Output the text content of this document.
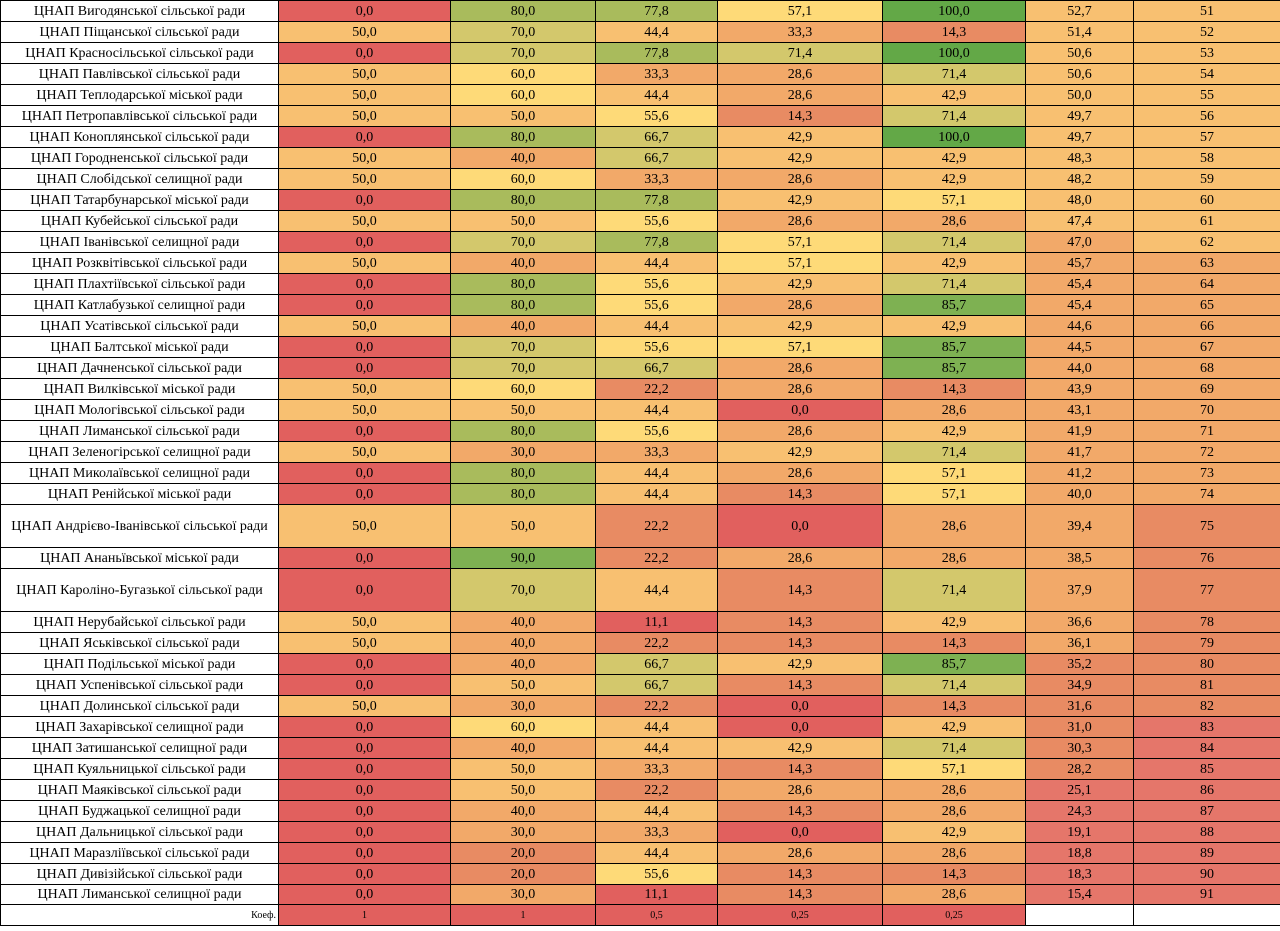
ЦНАП Вигодянської сільської ради	0,0	80,0	77,8	57,1	100,0	52,7	51
ЦНАП Піщанської сільської ради	50,0	70,0	44,4	33,3	14,3	51,4	52
ЦНАП Красносільської сільської ради	0,0	70,0	77,8	71,4	100,0	50,6	53
ЦНАП Павлівської сільської ради	50,0	60,0	33,3	28,6	71,4	50,6	54
ЦНАП Теплодарської міської ради	50,0	60,0	44,4	28,6	42,9	50,0	55
ЦНАП Петропавлівської сільської ради	50,0	50,0	55,6	14,3	71,4	49,7	56
ЦНАП Коноплянської сільської ради	0,0	80,0	66,7	42,9	100,0	49,7	57
ЦНАП Городненської сільської ради	50,0	40,0	66,7	42,9	42,9	48,3	58
ЦНАП Слобідської селищної ради	50,0	60,0	33,3	28,6	42,9	48,2	59
ЦНАП Татарбунарської міської ради	0,0	80,0	77,8	42,9	57,1	48,0	60
ЦНАП Кубейської сільської ради	50,0	50,0	55,6	28,6	28,6	47,4	61
ЦНАП Іванівської селищної ради	0,0	70,0	77,8	57,1	71,4	47,0	62
ЦНАП Розквітівської сільської ради	50,0	40,0	44,4	57,1	42,9	45,7	63
ЦНАП Плахтіївської сільської ради	0,0	80,0	55,6	42,9	71,4	45,4	64
ЦНАП Катлабузької селищної ради	0,0	80,0	55,6	28,6	85,7	45,4	65
ЦНАП Усатівської сільської ради	50,0	40,0	44,4	42,9	42,9	44,6	66
ЦНАП Балтської міської ради	0,0	70,0	55,6	57,1	85,7	44,5	67
ЦНАП Дачненської сільської ради	0,0	70,0	66,7	28,6	85,7	44,0	68
ЦНАП Вилківської міської ради	50,0	60,0	22,2	28,6	14,3	43,9	69
ЦНАП Мологівської сільської ради	50,0	50,0	44,4	0,0	28,6	43,1	70
ЦНАП Лиманської сільської ради	0,0	80,0	55,6	28,6	42,9	41,9	71
ЦНАП Зеленогірської селищної ради	50,0	30,0	33,3	42,9	71,4	41,7	72
ЦНАП Миколаївської селищної ради	0,0	80,0	44,4	28,6	57,1	41,2	73
ЦНАП Ренійської міської ради	0,0	80,0	44,4	14,3	57,1	40,0	74
ЦНАП Андрієво-Іванівської сільської ради	50,0	50,0	22,2	0,0	28,6	39,4	75
ЦНАП Ананьївської міської ради	0,0	90,0	22,2	28,6	28,6	38,5	76
ЦНАП Кароліно-Бугазької сільської ради	0,0	70,0	44,4	14,3	71,4	37,9	77
ЦНАП Нерубайської сільської ради	50,0	40,0	11,1	14,3	42,9	36,6	78
ЦНАП Яськівської сільської ради	50,0	40,0	22,2	14,3	14,3	36,1	79
ЦНАП Подільської міської ради	0,0	40,0	66,7	42,9	85,7	35,2	80
ЦНАП Успенівської сільської ради	0,0	50,0	66,7	14,3	71,4	34,9	81
ЦНАП Долинської сільської ради	50,0	30,0	22,2	0,0	14,3	31,6	82
ЦНАП Захарівської селищної ради	0,0	60,0	44,4	0,0	42,9	31,0	83
ЦНАП Затишанської селищної ради	0,0	40,0	44,4	42,9	71,4	30,3	84
ЦНАП Куяльницької сільської ради	0,0	50,0	33,3	14,3	57,1	28,2	85
ЦНАП Маяківської сільської ради	0,0	50,0	22,2	28,6	28,6	25,1	86
ЦНАП Буджацької селищної ради	0,0	40,0	44,4	14,3	28,6	24,3	87
ЦНАП Дальницької сільської ради	0,0	30,0	33,3	0,0	42,9	19,1	88
ЦНАП Маразліївської сільської ради	0,0	20,0	44,4	28,6	28,6	18,8	89
ЦНАП Дивізійської сільської ради	0,0	20,0	55,6	14,3	14,3	18,3	90
ЦНАП Лиманської селищної ради	0,0	30,0	11,1	14,3	28,6	15,4	91
Коеф.	1	1	0,5	0,25	0,25		
